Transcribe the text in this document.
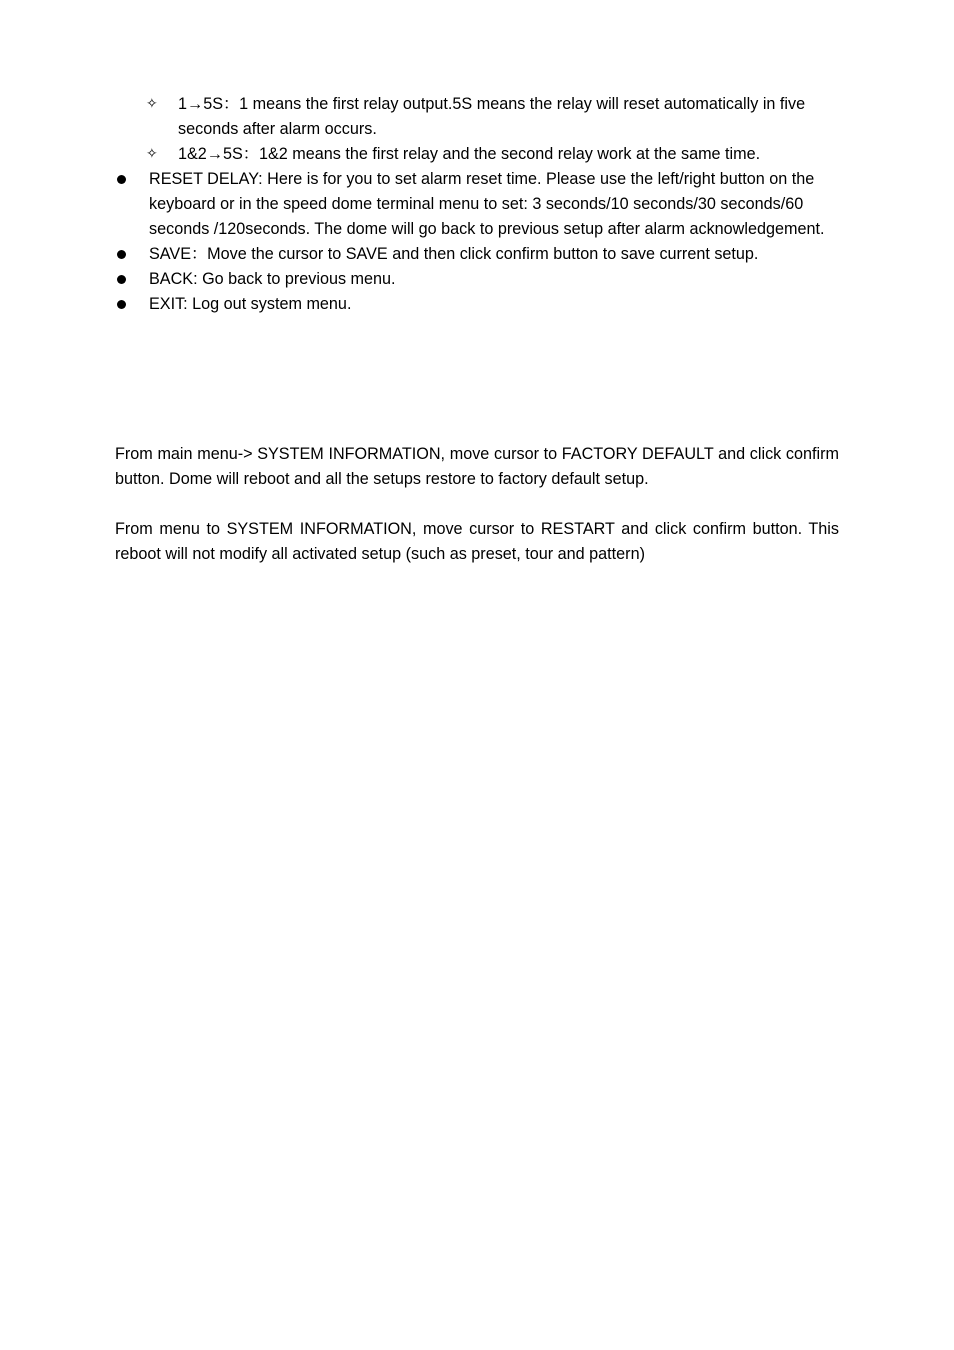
✧ 1→5S：1 means the first relay output.5S means the relay will reset automatically in five seconds after alarm occurs.
✧ 1&2→5S：1&2 means the first relay and the second relay work at the same time.
RESET DELAY: Here is for you to set alarm reset time. Please use the left/right button on the keyboard or in the speed dome terminal menu to set: 3 seconds/10 seconds/30 seconds/60 seconds /120seconds. The dome will go back to previous setup after alarm acknowledgement.
SAVE：Move the cursor to SAVE and then click confirm button to save current setup.
BACK: Go back to previous menu.
EXIT: Log out system menu.

From main menu-> SYSTEM INFORMATION, move cursor to FACTORY DEFAULT and click confirm button. Dome will reboot and all the setups restore to factory default setup.

From menu to SYSTEM INFORMATION, move cursor to RESTART and click confirm button. This reboot will not modify all activated setup (such as preset, tour and pattern)
